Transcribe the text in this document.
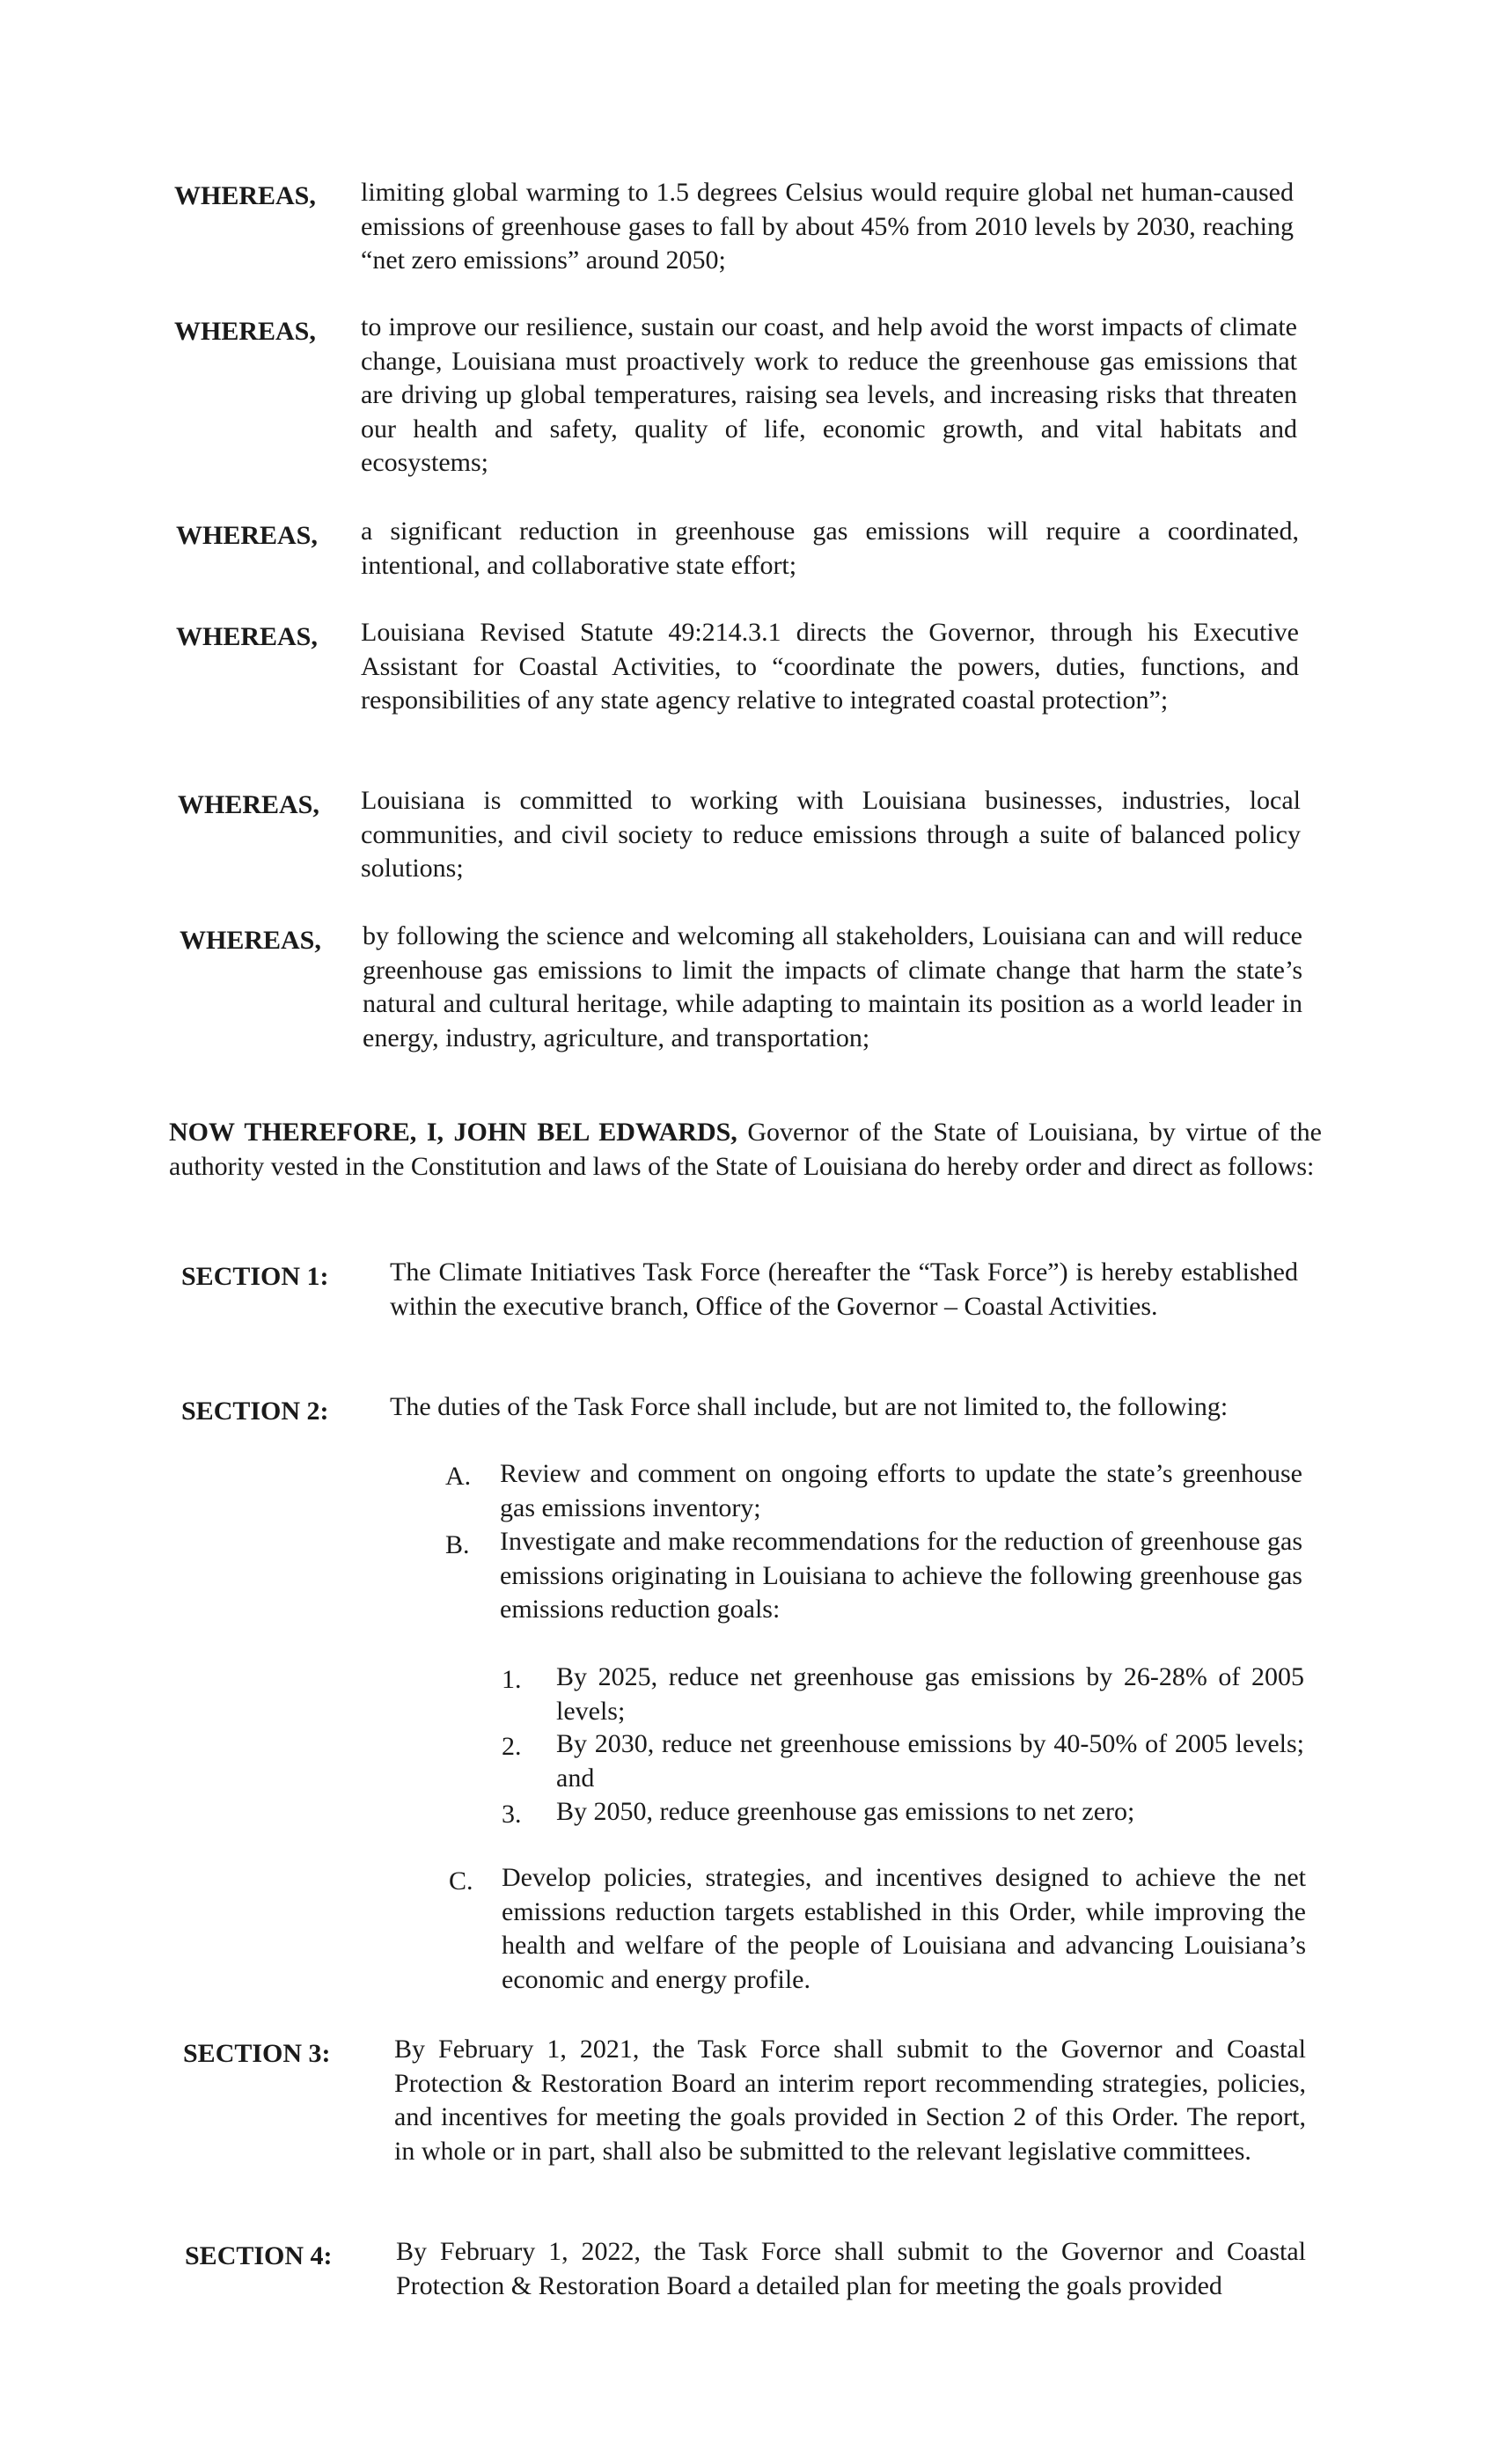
WHEREAS, limiting global warming to 1.5 degrees Celsius would require global net human-caused emissions of greenhouse gases to fall by about 45% from 2010 levels by 2030, reaching “net zero emissions” around 2050;

WHEREAS, to improve our resilience, sustain our coast, and help avoid the worst impacts of climate change, Louisiana must proactively work to reduce the greenhouse gas emissions that are driving up global temperatures, raising sea levels, and increasing risks that threaten our health and safety, quality of life, economic growth, and vital habitats and ecosystems;

WHEREAS, a significant reduction in greenhouse gas emissions will require a coordinated, intentional, and collaborative state effort;

WHEREAS, Louisiana Revised Statute 49:214.3.1 directs the Governor, through his Executive Assistant for Coastal Activities, to “coordinate the powers, duties, functions, and responsibilities of any state agency relative to integrated coastal protection”;

WHEREAS, Louisiana is committed to working with Louisiana businesses, industries, local communities, and civil society to reduce emissions through a suite of balanced policy solutions;

WHEREAS, by following the science and welcoming all stakeholders, Louisiana can and will reduce greenhouse gas emissions to limit the impacts of climate change that harm the state’s natural and cultural heritage, while adapting to maintain its position as a world leader in energy, industry, agriculture, and transportation;

NOW THEREFORE, I, JOHN BEL EDWARDS, Governor of the State of Louisiana, by virtue of the authority vested in the Constitution and laws of the State of Louisiana do hereby order and direct as follows:

SECTION 1: The Climate Initiatives Task Force (hereafter the “Task Force”) is hereby established within the executive branch, Office of the Governor – Coastal Activities.

SECTION 2: The duties of the Task Force shall include, but are not limited to, the following:

A. Review and comment on ongoing efforts to update the state’s greenhouse gas emissions inventory;

B. Investigate and make recommendations for the reduction of greenhouse gas emissions originating in Louisiana to achieve the following greenhouse gas emissions reduction goals:

1. By 2025, reduce net greenhouse gas emissions by 26-28% of 2005 levels;

2. By 2030, reduce net greenhouse emissions by 40-50% of 2005 levels; and

3. By 2050, reduce greenhouse gas emissions to net zero;

C. Develop policies, strategies, and incentives designed to achieve the net emissions reduction targets established in this Order, while improving the health and welfare of the people of Louisiana and advancing Louisiana’s economic and energy profile.

SECTION 3: By February 1, 2021, the Task Force shall submit to the Governor and Coastal Protection & Restoration Board an interim report recommending strategies, policies, and incentives for meeting the goals provided in Section 2 of this Order. The report, in whole or in part, shall also be submitted to the relevant legislative committees.

SECTION 4: By February 1, 2022, the Task Force shall submit to the Governor and Coastal Protection & Restoration Board a detailed plan for meeting the goals provided
